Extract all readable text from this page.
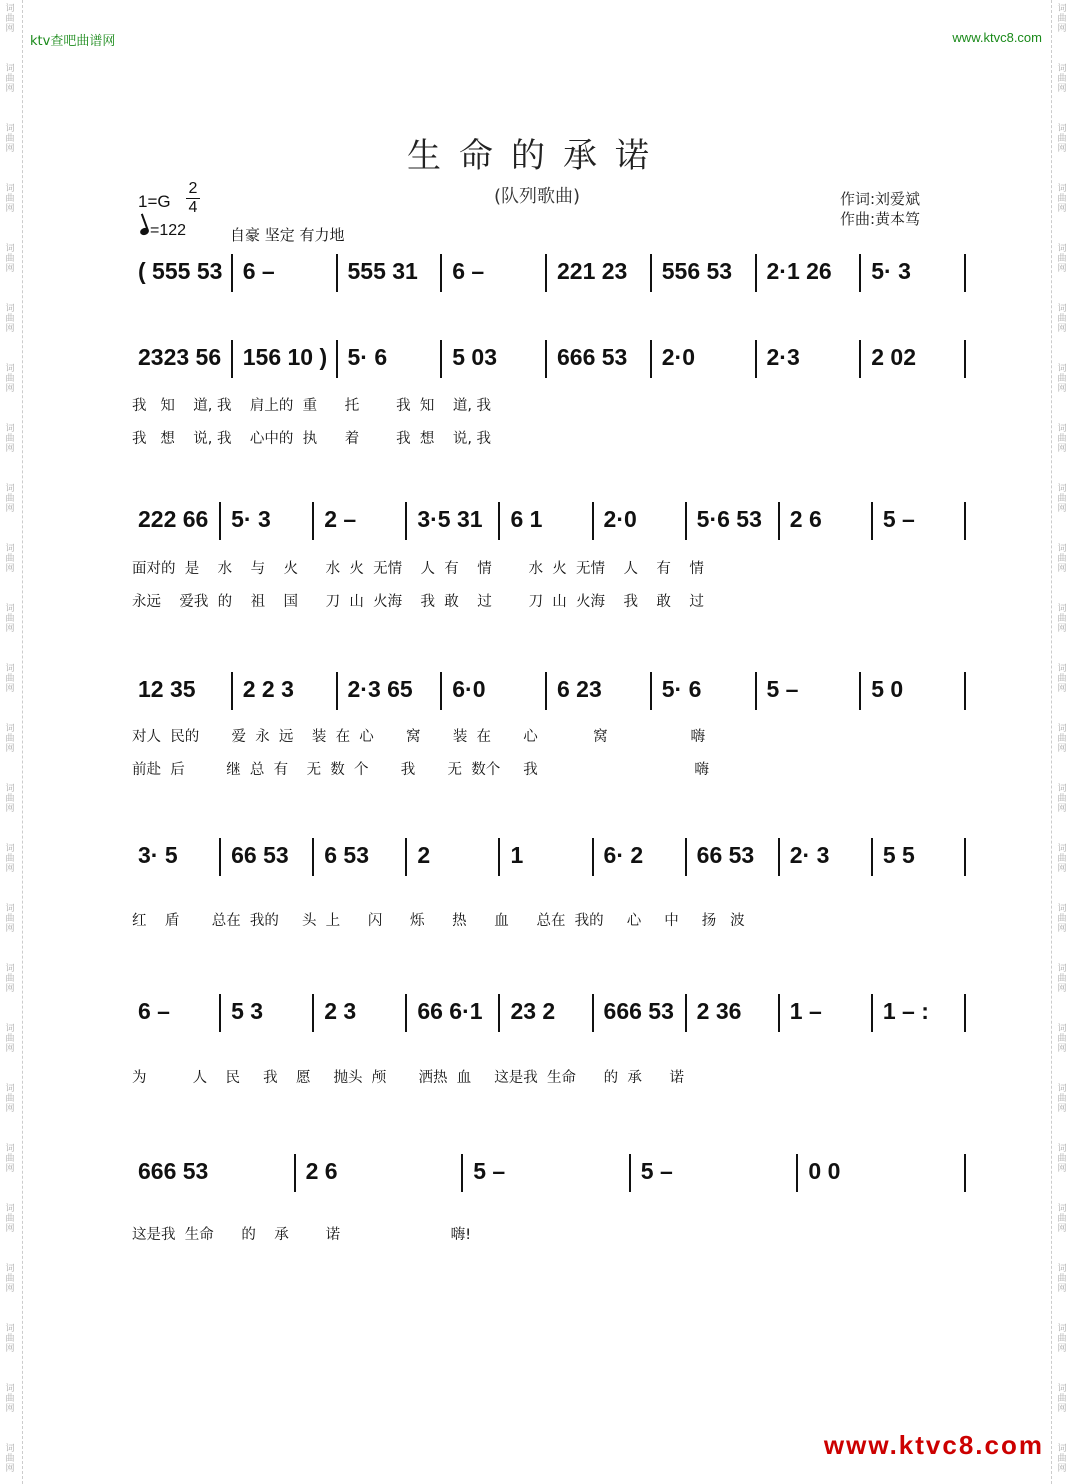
词
曲
网
词
曲
网
词
曲
网
词
曲
网
词
曲
网
词
曲
网
词
曲
网
词
曲
网
词
曲
网
词
曲
网
词
曲
网
词
曲
网
词
曲
网
词
曲
网
词
曲
网
词
曲
网
词
曲
网
词
曲
网
词
曲
网
词
曲
网
词
曲
网
词
曲
网
词
曲
网
词
曲
网
词
曲
网
词
曲
网
词
曲
网
词
曲
网
词
曲
网
词
曲
网
词
曲
网
词
曲
网
词
曲
网
词
曲
网
词
曲
网
词
曲
网
词
曲
网
词
曲
网
词
曲
网
词
曲
网
词
曲
网
词
曲
网
词
曲
网
词
曲
网
词
曲
网
词
曲
网
词
曲
网
词
曲
网
词
曲
网
词
曲
网
ktv查吧曲谱网	www.ktvc8.com
生命的承诺
(队列歌曲)	作词:刘爱斌
作曲:黄本笃
1=G
2
4
=122	自豪 坚定 有力地
( 555 53 6 –	555 31 6 –	221 23 556 53 2·1 26 5· 3
2323 56 156 10 ) 5· 6	5 03	666 53 2·0	2·3	2 02
我   知    道, 我    肩上的  重      托        我  知    道, 我
我   想    说, 我    心中的  执      着        我  想    说, 我
222 66 5· 3 2 –	3·5 31 6 1	2·0	5·6 53 2 6	5 –
面对的  是    水    与    火      水  火  无情    人  有    情        水  火  无情    人    有    情
永远    爱我  的    祖    国      刀  山  火海    我  敢    过        刀  山  火海    我    敢    过
12 35 2 2 3 2·3 65 6·0	6 23	5· 6	5 –	5 0
对人  民的       爱  永  远    装  在  心       窝       装  在       心            窝                  嗨
前赴  后         继  总  有    无  数  个       我       无  数个     我                                  嗨
3· 5 66 53 6 53 2	1	6· 2 66 53 2· 3 5 5
红    盾       总在  我的     头  上      闪      烁      热      血      总在  我的     心     中     扬   波
6 –	5 3	2 3	66 6·1 23 2 666 53 2 36 1 –	1 – :
为          人    民     我    愿     抛头  颅       洒热  血     这是我  生命      的  承      诺
666 53	2 6	5 –	5 –	0 0
这是我  生命      的    承        诺                        嗨!
www.ktvc8.com
